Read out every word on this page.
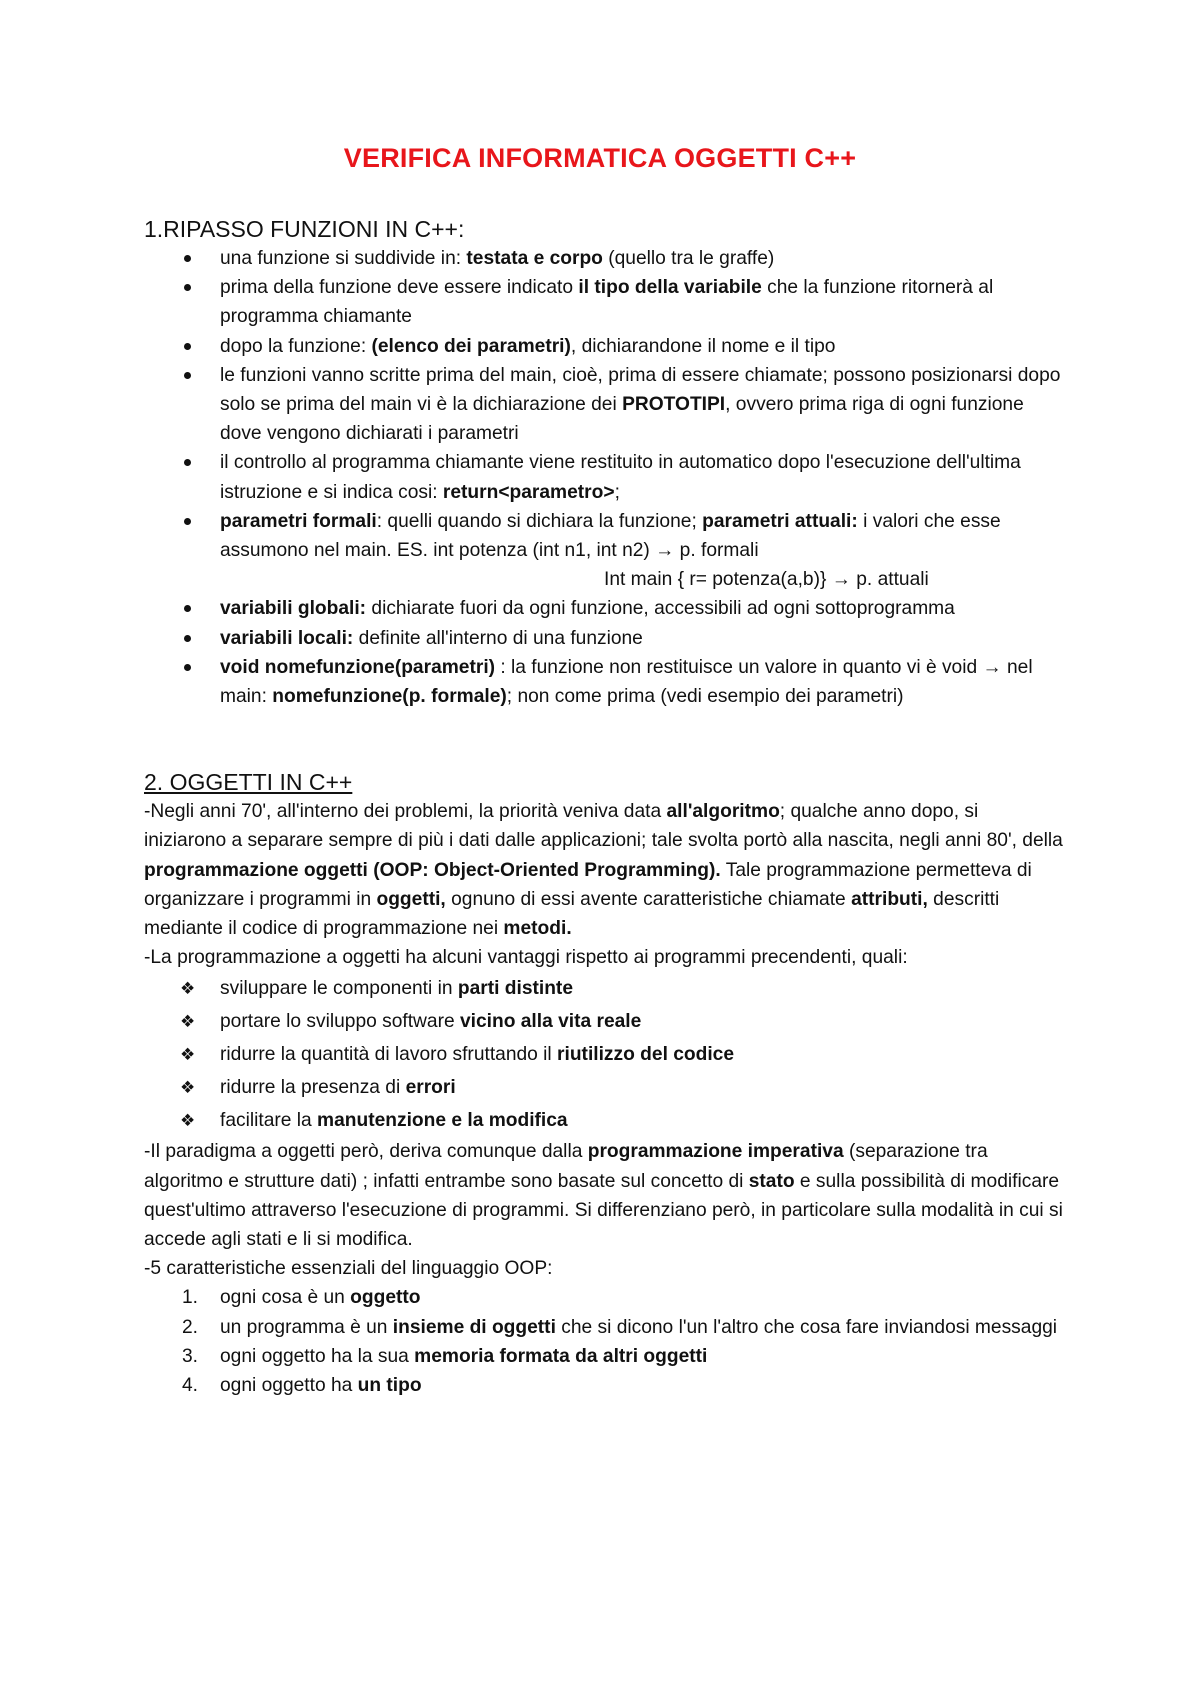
VERIFICA INFORMATICA OGGETTI C++
1.RIPASSO FUNZIONI IN C++:
una funzione si suddivide in: testata e corpo (quello tra le graffe)
prima della funzione deve essere indicato il tipo della variabile che la funzione ritornerà al programma chiamante
dopo la funzione: (elenco dei parametri), dichiarandone il nome e il tipo
le funzioni vanno scritte prima del main, cioè, prima di essere chiamate; possono posizionarsi dopo solo se prima del main vi è la dichiarazione dei PROTOTIPI, ovvero prima riga di ogni funzione dove vengono dichiarati i parametri
il controllo al programma chiamante viene restituito in automatico dopo l'esecuzione dell'ultima istruzione e si indica cosi: return<parametro>;
parametri formali: quelli quando si dichiara la funzione; parametri attuali: i valori che esse assumono nel main. ES. int potenza (int n1, int n2) → p. formali
Int main { r= potenza(a,b)} → p. attuali
variabili globali: dichiarate fuori da ogni funzione, accessibili ad ogni sottoprogramma
variabili locali: definite all'interno di una funzione
void nomefunzione(parametri) : la funzione non restituisce un valore in quanto vi è void → nel main: nomefunzione(p. formale); non come prima (vedi esempio dei parametri)
2. OGGETTI IN C++

-Negli anni 70', all'interno dei problemi, la priorità veniva data all'algoritmo; qualche anno dopo, si iniziarono a separare sempre di più i dati dalle applicazioni; tale svolta portò alla nascita, negli anni 80', della programmazione oggetti (OOP: Object-Oriented Programming). Tale programmazione permetteva di organizzare i programmi in oggetti, ognuno di essi avente caratteristiche chiamate attributi, descritti mediante il codice di programmazione nei metodi.

-La programmazione a oggetti ha alcuni vantaggi rispetto ai programmi precendenti, quali:

❖ sviluppare le componenti in parti distinte
❖ portare lo sviluppo software vicino alla vita reale
❖ ridurre la quantità di lavoro sfruttando il riutilizzo del codice
❖ ridurre la presenza di errori
❖ facilitare la manutenzione e la modifica

-Il paradigma a oggetti però, deriva comunque dalla programmazione imperativa (separazione tra algoritmo e strutture dati) ; infatti entrambe sono basate sul concetto di stato e sulla possibilità di modificare quest'ultimo attraverso l'esecuzione di programmi. Si differenziano però, in particolare sulla modalità in cui si accede agli stati e li si modifica.

-5 caratteristiche essenziali del linguaggio OOP:

1. ogni cosa è un oggetto
2. un programma è un insieme di oggetti che si dicono l'un l'altro che cosa fare inviandosi messaggi
3. ogni oggetto ha la sua memoria formata da altri oggetti
4. ogni oggetto ha un tipo
